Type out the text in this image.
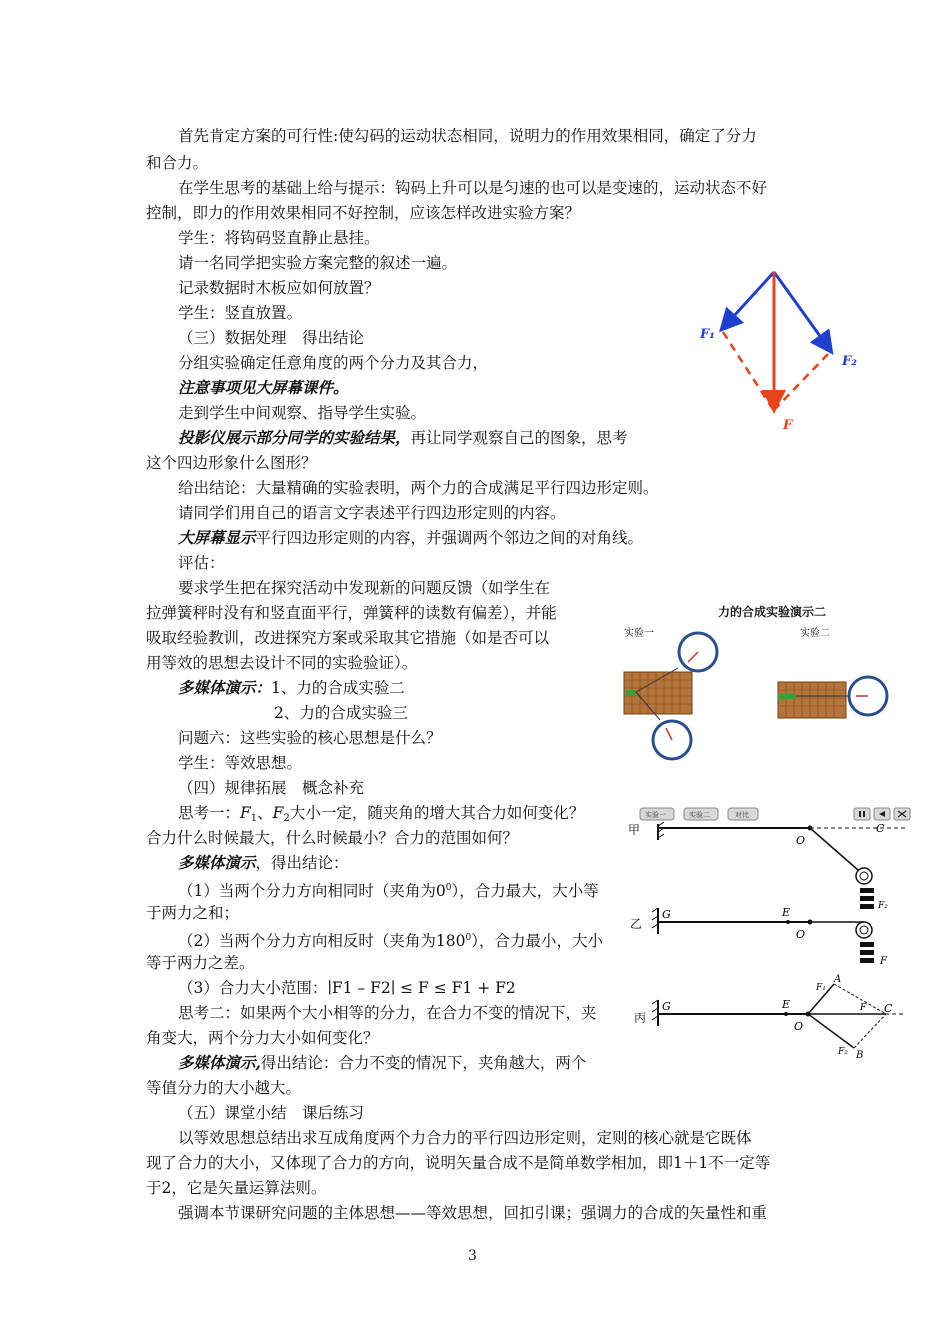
首先肯定方案的可行性:使勾码的运动状态相同，说明力的作用效果相同，确定了分力
和合力。
在学生思考的基础上给与提示：钩码上升可以是匀速的也可以是变速的，运动状态不好
控制，即力的作用效果相同不好控制，应该怎样改进实验方案？
学生：将钩码竖直静止悬挂。
请一名同学把实验方案完整的叙述一遍。
记录数据时木板应如何放置？
学生：竖直放置。
（三）数据处理　得出结论
分组实验确定任意角度的两个分力及其合力，
注意事项见大屏幕课件。
走到学生中间观察、指导学生实验。
投影仪展示部分同学的实验结果，再让同学观察自己的图象，思考
这个四边形象什么图形？
给出结论：大量精确的实验表明，两个力的合成满足平行四边形定则。
请同学们用自己的语言文字表述平行四边形定则的内容。
大屏幕显示平行四边形定则的内容，并强调两个邻边之间的对角线。
评估：
要求学生把在探究活动中发现新的问题反馈（如学生在
拉弹簧秤时没有和竖直面平行，弹簧秤的读数有偏差），并能
吸取经验教训，改进探究方案或采取其它措施（如是否可以
用等效的思想去设计不同的实验验证）。
多媒体演示：1、力的合成实验二
2、力的合成实验三
问题六：这些实验的核心思想是什么？
学生：等效思想。
（四）规律拓展　概念补充
思考一：$F_1$、$F_2$大小一定，随夹角的增大其合力如何变化？
合力什么时候最大，什么时候最小？合力的范围如何？
多媒体演示，得出结论：
（1）当两个分力方向相同时（夹角为$0^0$），合力最大，大小等
于两力之和；
（2）当两个分力方向相反时（夹角为$180^0$），合力最小，大小
等于两力之差。
（3）合力大小范围：∣F1 – F2∣ ≤ F ≤ F1 + F2
思考二：如果两个大小相等的分力，在合力不变的情况下，夹
角变大，两个分力大小如何变化？
多媒体演示,得出结论：合力不变的情况下，夹角越大，两个
等值分力的大小越大。
（五）课堂小结　课后练习
以等效思想总结出求互成角度两个力合力的平行四边形定则，定则的核心就是它既体
现了合力的大小，又体现了合力的方向，说明矢量合成不是简单数学相加，即1＋1不一定等
于2，它是矢量运算法则。
强调本节课研究问题的主体思想——等效思想，回扣引课；强调力的合成的矢量性和重
3
F₁
F₂
F
力的合成实验演示二
实验一	实验二
实验一	实验二	对比
甲
O
C
F₂
乙
G	E
O
F
丙
G	E
O
A
B
C
F
F₁
F₂
